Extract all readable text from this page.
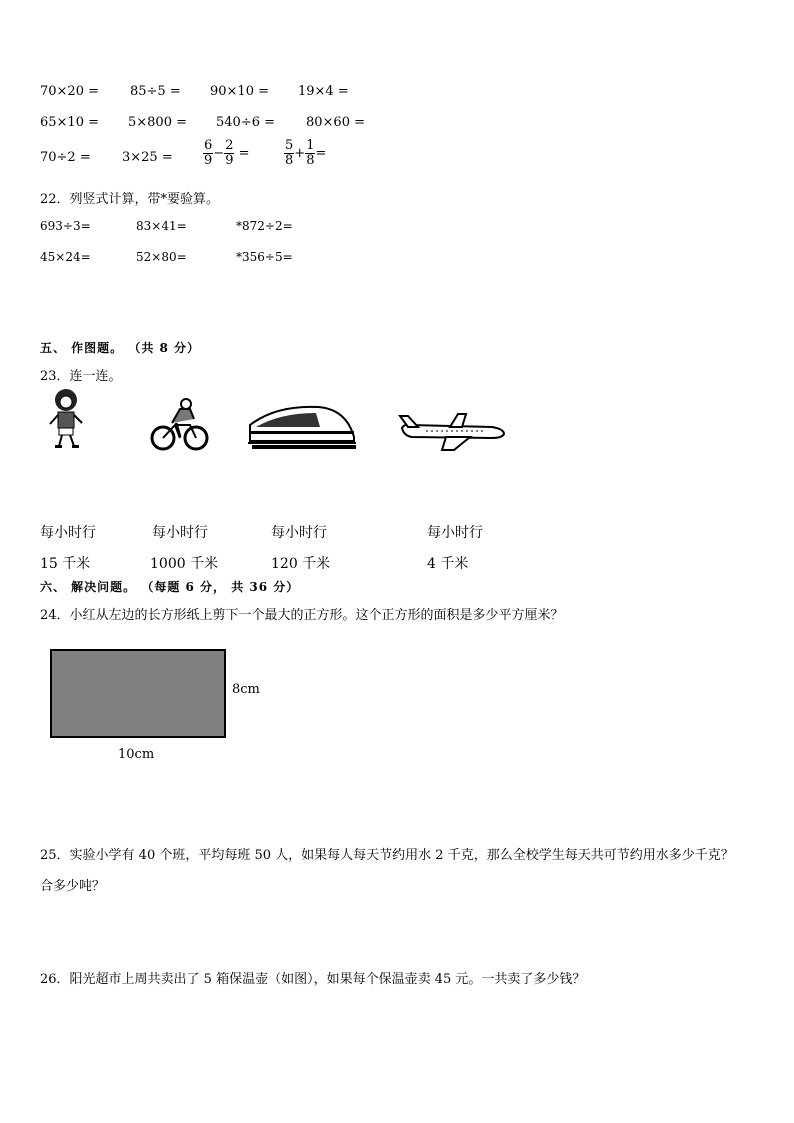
70×20 = 85÷5 = 90×10 = 19×4 =
65×10 = 5×800 = 540÷6 = 80×60 =
$70\div 2 = 3\times 25 = \frac{6}{9} - \frac{2}{9}$ =	$\frac{5}{8} + \frac{1}{8}$ =
22．列竖式计算，带*要验算。
693÷3=	83×41=	*872÷2=
45×24=	52×80=	*356÷5=
五、 作图题。 （共 8 分）
23．连一连。
每小时行	每小时行	每小时行	每小时行
15 千米	1000 千米	120 千米	4 千米
六、 解决问题。 （每题 6 分， 共 36 分）
24．小红从左边的长方形纸上剪下一个最大的正方形。这个正方形的面积是多少平方厘米？
8cm
10cm
25．实验小学有 40 个班，平均每班 50 人，如果每人每天节约用水 2 千克，那么全校学生每天共可节约用水多少千克？
合多少吨？
26．阳光超市上周共卖出了 5 箱保温壶（如图），如果每个保温壶卖 45 元。一共卖了多少钱？
